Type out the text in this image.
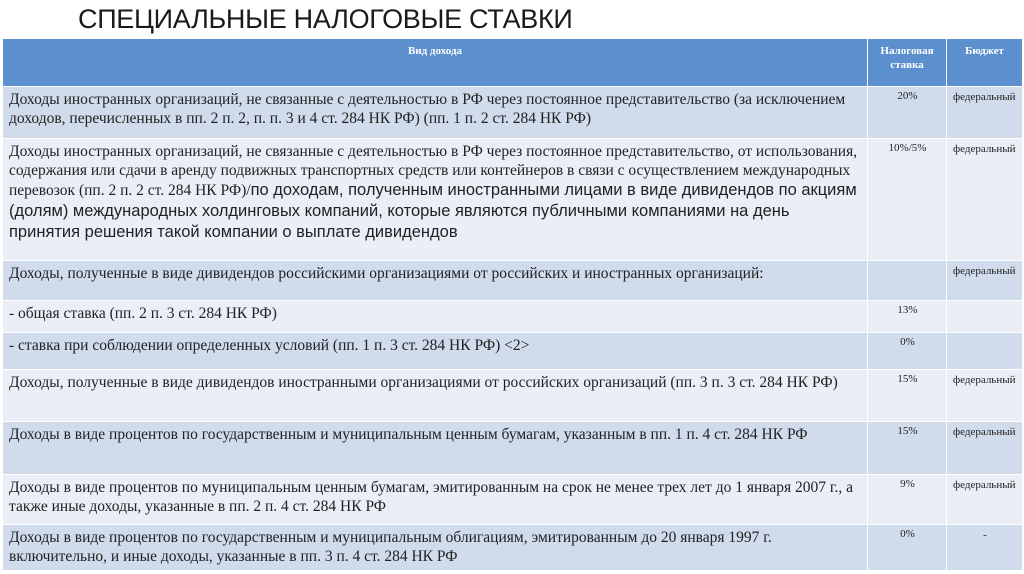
СПЕЦИАЛЬНЫЕ НАЛОГОВЫЕ СТАВКИ
Вид дохода	Налоговая ставка	Бюджет
Доходы иностранных организаций, не связанные с деятельностью в РФ через постоянное представительство (за исключением доходов, перечисленных в пп. 2 п. 2, п. п. 3 и 4 ст. 284 НК РФ) (пп. 1 п. 2 ст. 284 НК РФ)	20%	федеральный
Доходы иностранных организаций, не связанные с деятельностью в РФ через постоянное представительство, от использования, содержания или сдачи в аренду подвижных транспортных средств или контейнеров в связи с осуществлением международных перевозок (пп. 2 п. 2 ст. 284 НК РФ)/по доходам, полученным иностранными лицами в виде дивидендов по акциям (долям) международных холдинговых компаний, которые являются публичными компаниями на день принятия решения такой компании о выплате дивидендов	10%/5%	федеральный
Доходы, полученные в виде дивидендов российскими организациями от российских и иностранных организаций:		федеральный
- общая ставка (пп. 2 п. 3 ст. 284 НК РФ)	13%	
- ставка при соблюдении определенных условий (пп. 1 п. 3 ст. 284 НК РФ) <2>	0%	
Доходы, полученные в виде дивидендов иностранными организациями от российских организаций (пп. 3 п. 3 ст. 284 НК РФ)	15%	федеральный
Доходы в виде процентов по государственным и муниципальным ценным бумагам, указанным в пп. 1 п. 4 ст. 284 НК РФ	15%	федеральный
Доходы в виде процентов по муниципальным ценным бумагам, эмитированным на срок не менее трех лет до 1 января 2007 г., а также иные доходы, указанные в пп. 2 п. 4 ст. 284 НК РФ	9%	федеральный
Доходы в виде процентов по государственным и муниципальным облигациям, эмитированным до 20 января 1997 г. включительно, и иные доходы, указанные в пп. 3 п. 4 ст. 284 НК РФ	0%	-
